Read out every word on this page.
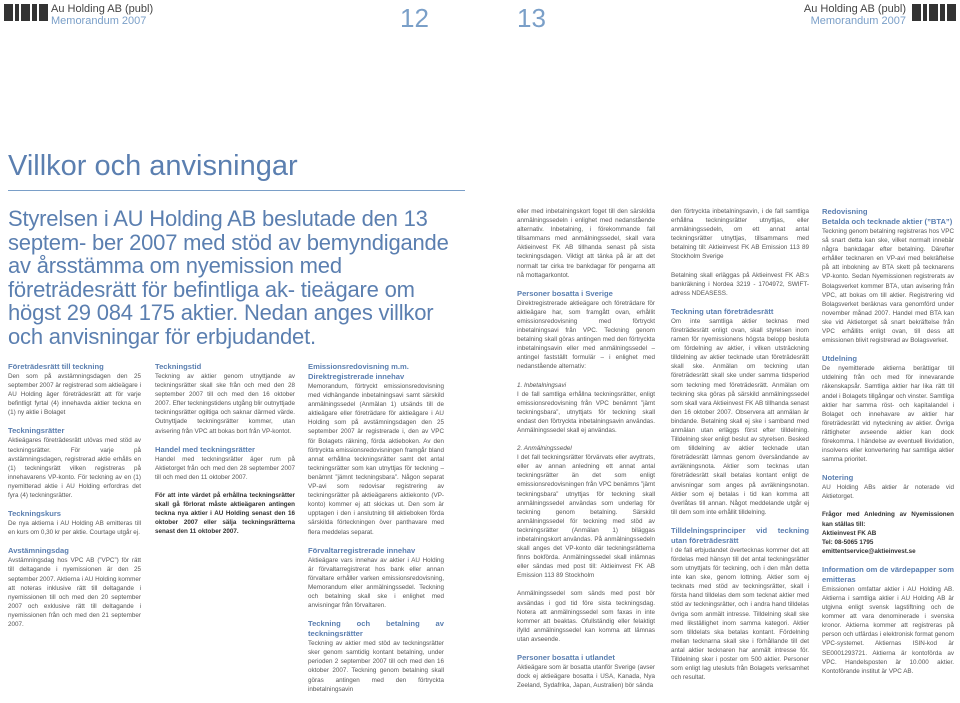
Au Holding AB (publ)
Memorandum 2007	12	13	Au Holding AB (publ)
Memorandum 2007
Villkor och anvisningar
Styrelsen i AU Holding AB beslutade den 13 septem- ber 2007 med stöd av bemyndigande av årsstämma om nyemission med företrädesrätt för befintliga ak- tieägare om högst 29 084 175 aktier. Nedan anges villkor och anvisningar för erbjudandet.
Företrädesrätt till teckning

Den som på avstämningsdagen den 25 september 2007 är registrerad som aktieägare i AU Holding äger företrädesrätt att för varje befintligt fyrtal (4) innehavda aktier teckna en (1) ny aktie i Bolaget

Teckningsrätter

Aktieägares företrädesrätt utövas med stöd av teckningsrätter. För varje på avstämningsdagen, registrerad aktie erhålls en (1) teckningsrätt vilken registreras på innehavarens VP-konto. För teckning av en (1) nyemitterad aktie i AU Holding erfordras det fyra (4) teckningsrätter.

Teckningskurs

De nya aktierna i AU Holding AB emitteras till en kurs om 0,30 kr per aktie. Courtage utgår ej.

Avstämningsdag

Avstämningsdag hos VPC AB (”VPC”) för rätt till deltagande i nyemissionen är den 25 september 2007. Aktierna i AU Holding kommer att noteras inklusive rätt till deltagande i nyemissionen till och med den 20 september 2007 och exklusive rätt till deltagande i nyemissionen från och med den 21 september 2007.

Teckningstid

Teckning av aktier genom utnyttjande av teckningsrätter skall ske från och med den 28 september 2007 till och med den 16 oktober 2007. Efter teckningstidens utgång blir outnyttjade teckningsrätter ogiltiga och saknar därmed värde. Outnyttjade teckningsrätter kommer, utan avisering från VPC att bokas bort från VP-kontot.

Handel med teckningsrätter

Handel med teckningsrätter äger rum på Aktietorget från och med den 28 september 2007 till och med den 11 oktober 2007.

För att inte värdet på erhållna teckningsrätter skall gå förlorat måste aktieägaren antingen teckna nya aktier i AU Holding senast den 16 oktober 2007 eller sälja teckningsrätterna senast den 11 oktober 2007.

Emissionsredovisning m.m.
Direktregistrerade innehav

Memorandum, förtryckt emissionsredovisning med vidhängande inbetalningsavi samt särskild anmälningssedel (Anmälan 1) utsänds till de aktieägare eller företrädare för aktieägare i AU Holding som på avstämningsdagen den 25 september 2007 är registrerade i, den av VPC för Bolagets räkning, förda aktieboken. Av den förtryckta emissionsredovisningen framgår bland annat erhållna teckningsrätter samt det antal teckningsrätter som kan utnyttjas för teckning – benämnt ”jämnt teckningsbara”. Någon separat VP-avi som redovisar registrering av teckningsrätter på aktieägarens aktiekonto (VP-konto) kommer ej att skickas ut. Den som är upptagen i den i anslutning till aktieboken förda särskilda förteckningen över panthavare med flera meddelas separat.

Förvaltarregistrerade innehav

Aktieägare vars innehav av aktier i AU Holding är förvaltarregistrerat hos bank eller annan förvaltare erhåller varken emissionsredovisning, Memorandum eller anmälningssedel. Teckning och betalning skall ske i enlighet med anvisningar från förvaltaren.

Teckning och betalning av teckningsrätter

Teckning av aktier med stöd av teckningsrätter sker genom samtidig kontant betalning, under perioden 2 september 2007 till och med den 16 oktober 2007. Teckning genom betalning skall göras antingen med den förtryckta inbetalningsavin

eller med inbetalningskort foget till den särskilda anmälningssedeln i enlighet med nedanstående alternativ. Inbetalning, i förekommande fall tillsammans med anmälningssedel, skall vara Aktieinvest FK AB tillhanda senast på sista teckningsdagen. Viktigt att tänka på är att det normalt tar cirka tre bankdagar för pengarna att nå mottagarkontot.

Personer bosatta i Sverige

Direktregistrerade aktieägare och företrädare för aktieägare har, som framgått ovan, erhållit emissionsredovisning med förtryckt inbetalningsavi från VPC. Teckning genom betalning skall göras antingen med den förtryckta inbetalningsavin eller med anmälningssedel – antingel fastställt formulär – i enlighet med nedanstående alternativ:

1. Inbetalningsavi

I de fall samtliga erhållna teckningsrätter, enligt emissionsredovisning från VPC benämnt ”jämt teckningsbara”, utnyttjats för teckning skall endast den förtryckta inbetalningsavin användas. Anmälningssedel skall ej användas.

2. Anmälningssedel

I det fall teckningsrätter förvärvats eller avyttrats, eller av annan anledning ett annat antal teckningsrätter än det som enligt emissionsredovisningen från VPC benämns ”jämt teckningsbara” utnyttjas för teckning skall anmälningssedel användas som underlag för teckning genom betalning. Särskild anmälningssedel för teckning med stöd av teckningsrätter (Anmälan 1) biläggas inbetalningskort användas. På anmälningssedeln skall anges det VP-konto där teckningsrätterna finns bokförda. Anmälningssedel skall inlämnas eller sändas med post till: Aktieinvest FK AB Emission 113 89 Stockholm

Anmälningssedel som sänds med post bör avsändas i god tid före sista teckningsdag. Notera att anmälningssedel som faxas in inte kommer att beaktas. Ofullständig eller felaktigt ifylld anmälningssedel kan komma att lämnas utan avseende.

Personer bosatta i utlandet

Aktieägare som är bosatta utanför Sverige (avser dock ej aktieägare bosatta i USA, Kanada, Nya Zeeland, Sydafrika, Japan, Australien) bör sända

den förtryckta inbetalningsavin, i de fall samtliga erhållna teckningsrätter utnyttjas, eller anmälningssedeln, om ett annat antal teckningsrätter utnyttjas, tillsammans med betalning till: Aktieinvest FK AB Emission 113 89 Stockholm Sverige

Betalning skall erläggas på Aktieinvest FK AB:s bankräkning i Nordea 3219 - 1704972, SWIFT-adress NDEASESS.

Teckning utan företrädesrätt

Om inte samtliga aktier tecknas med företrädesrätt enligt ovan, skall styrelsen inom ramen för nyemissionens högsta belopp besluta om fördelning av aktier, i vilken utsträckning tilldelning av aktier tecknade utan företrädesrätt skall ske. Anmälan om teckning utan företrädesrätt skall ske under samma tidsperiod som teckning med företrädesrätt. Anmälan om teckning ska göras på särskild anmälningssedel som skall vara Aktieinvest FK AB tillhanda senast den 16 oktober 2007. Observera att anmälan är bindande. Betalning skall ej ske i samband med anmälan utan erläggs först efter tilldelning. Tilldelning sker enligt beslut av styrelsen. Besked om tilldelning av aktier tecknade utan företrädesrätt lämnas genom översändande av avräkningsnota. Aktier som tecknas utan företrädesrätt skall betalas kontant enligt de anvisningar som anges på avräkningsnotan. Aktier som ej betalas i tid kan komma att överlåtas till annan. Något meddelande utgår ej till dem som inte erhållit tilldelning.

Tilldelningsprinciper vid teckning utan företrädesrätt

I de fall erbjudandet övertecknas kommer det att fördelas med hänsyn till det antal teckningsrätter som utnyttjats för teckning, och i den mån detta inte kan ske, genom lottning. Aktier som ej tecknats med stöd av teckningsrätter, skall i första hand tilldelas dem som tecknat aktier med stöd av teckningsrätter, och i andra hand tilldelas övriga som anmält intresse. Tilldelning skall ske med likställighet inom samma kategori. Aktier som tilldelats ska betalas kontant. Fördelning mellan tecknarna skall ske i förhållande till det antal aktier tecknaren har anmält intresse för. Tilldelning sker i poster om 500 aktier. Personer som enligt lag utesluts från Bolagets verksamhet och resultat.

Redovisning
Betalda och tecknade aktier (”BTA”)

Teckning genom betalning registreras hos VPC så snart detta kan ske, vilket normalt innebär några bankdagar efter betalning. Därefter erhåller tecknaren en VP-avi med bekräftelse på att inbokning av BTA skett på tecknarens VP-konto. Sedan Nyemissionen registrerats av Bolagsverket kommer BTA, utan avisering från VPC, att bokas om till aktier. Registrering vid Bolagsverket beräknas vara genomförd under november månad 2007. Handel med BTA kan ske vid Aktietorget så snart bekräftelse från VPC erhållits enligt ovan, till dess att emissionen blivit registrerad av Bolagsverket.

Utdelning

De nyemitterade aktierna berättigar till utdelning från och med för innevarande räkenskapsår. Samtliga aktier har lika rätt till andel i Bolagets tillgångar och vinster. Samtliga aktier har samma röst- och kapitalandel i Bolaget och innehavare av aktier har företrädesrätt vid nyteckning av aktier. Övriga rättigheter avseende aktier kan dock förekomma. I händelse av eventuell likvidation, insolvens eller konvertering har samtliga aktier samma prioritet.

Notering

AU Holding ABs aktier är noterade vid Aktietorget.

Frågor med Anledning av Nyemissionen kan ställas till:
Aktieinvest FK AB
Tel: 08-5065 1795
emittentservice@aktieinvest.se
Information om de värdepapper som emitteras

Emissionen omfattar aktier i AU Holding AB. Aktierna i samtliga aktier i AU Holding AB är utgivna enligt svensk lagstiftning och de kommer att vara denominerade i svenska kronor. Aktierna kommer att registreras på person och utfärdas i elektronisk format genom VPC-systemet. Aktiernas ISIN-kod är SE0001293721. Aktierna är kontoförda av VPC. Handelsposten är 10.000 aktier. Kontoförande institut är VPC AB.
